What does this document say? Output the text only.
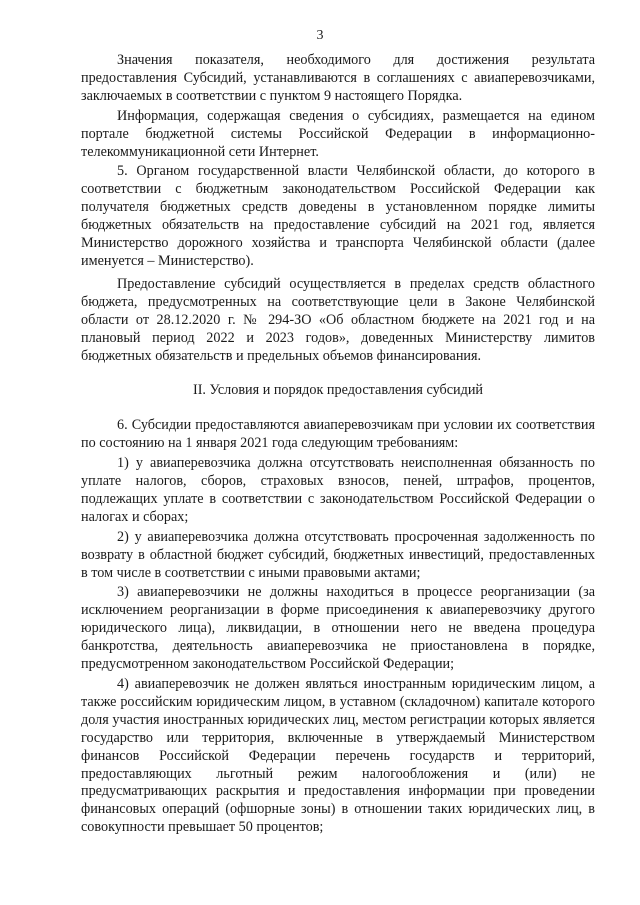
3

Значения показателя, необходимого для достижения результата предоставления Субсидий, устанавливаются в соглашениях с авиаперевозчиками, заключаемых в соответствии с пунктом 9 настоящего Порядка.

Информация, содержащая сведения о субсидиях, размещается на едином портале бюджетной системы Российской Федерации в информационно-телекоммуникационной сети Интернет.

5. Органом государственной власти Челябинской области, до которого в соответствии с бюджетным законодательством Российской Федерации как получателя бюджетных средств доведены в установленном порядке лимиты бюджетных обязательств на предоставление субсидий на 2021 год, является Министерство дорожного хозяйства и транспорта Челябинской области (далее именуется – Министерство).

Предоставление субсидий осуществляется в пределах средств областного бюджета, предусмотренных на соответствующие цели в Законе Челябинской области от 28.12.2020 г. № 294-ЗО «Об областном бюджете на 2021 год и на плановый период 2022 и 2023 годов», доведенных Министерству лимитов бюджетных обязательств и предельных объемов финансирования.

II. Условия и порядок предоставления субсидий

6. Субсидии предоставляются авиаперевозчикам при условии их соответствия по состоянию на 1 января 2021 года следующим требованиям:

1) у авиаперевозчика должна отсутствовать неисполненная обязанность по уплате налогов, сборов, страховых взносов, пеней, штрафов, процентов, подлежащих уплате в соответствии с законодательством Российской Федерации о налогах и сборах;

2) у авиаперевозчика должна отсутствовать просроченная задолженность по возврату в областной бюджет субсидий, бюджетных инвестиций, предоставленных в том числе в соответствии с иными правовыми актами;

3) авиаперевозчики не должны находиться в процессе реорганизации (за исключением реорганизации в форме присоединения к авиаперевозчику другого юридического лица), ликвидации, в отношении него не введена процедура банкротства, деятельность авиаперевозчика не приостановлена в порядке, предусмотренном законодательством Российской Федерации;

4) авиаперевозчик не должен являться иностранным юридическим лицом, а также российским юридическим лицом, в уставном (складочном) капитале которого доля участия иностранных юридических лиц, местом регистрации которых является государство или территория, включенные в утверждаемый Министерством финансов Российской Федерации перечень государств и территорий, предоставляющих льготный режим налогообложения и (или) не предусматривающих раскрытия и предоставления информации при проведении финансовых операций (офшорные зоны) в отношении таких юридических лиц, в совокупности превышает 50 процентов;
